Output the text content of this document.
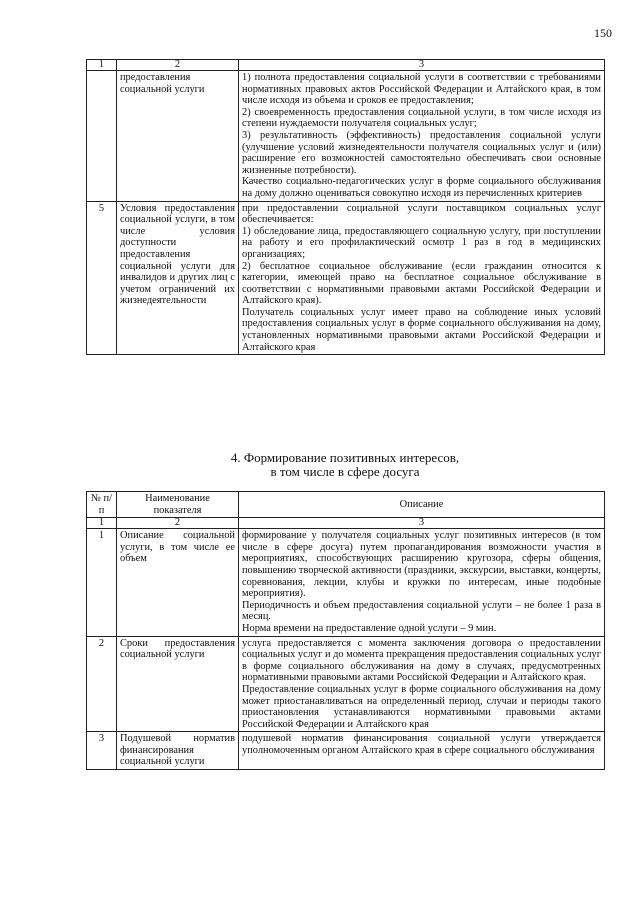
150
1	2	3
	предоставления социальной услуги	1) полнота предоставления социальной услуги в соответствии с требованиями нормативных правовых актов Российской Федерации и Алтайского края, в том числе исходя из объема и сроков ее предоставления;

2) своевременность предоставления социальной услуги, в том числе исходя из степени нуждаемости получателя социальных услуг;

3) результативность (эффективность) предоставления социальной услуги (улучшение условий жизнедеятельности получателя социальных услуг и (или) расширение его возможностей самостоятельно обеспечивать свои основные жизненные потребности).

Качество социально-педагогических услуг в форме социального обслуживания на дому должно оцениваться совокупно исходя из перечисленных критериев

5	Условия предоставления социальной услуги, в том числе условия доступности предоставления социальной услуги для инвалидов и других лиц с учетом ограничений их жизнедеятельности	при предоставлении социальной услуги поставщиком социальных услуг обеспечивается:

1) обследование лица, предоставляющего социальную услугу, при поступлении на работу и его профилактический осмотр 1 раз в год в медицинских организациях;

2) бесплатное социальное обслуживание (если гражданин относится к категории, имеющей право на бесплатное социальное обслуживание в соответствии с нормативными правовыми актами Российской Федерации и Алтайского края).

Получатель социальных услуг имеет право на соблюдение иных условий предоставления социальных услуг в форме социального обслуживания на дому, установленных нормативными правовыми актами Российской Федерации и Алтайского края

4. Формирование позитивных интересов,
в том числе в сфере досуга
№ п/п	Наименование показателя	Описание
1	2	3
1	Описание социальной услуги, в том числе ее объем	формирование у получателя социальных услуг позитивных интересов (в том числе в сфере досуга) путем пропагандирования возможности участия в мероприятиях, способствующих расширению кругозора, сферы общения, повышению творческой активности (праздники, экскурсии, выставки, концерты, соревнования, лекции, клубы и кружки по интересам, иные подобные мероприятия).

Периодичность и объем предоставления социальной услуги – не более 1 раза в месяц.

Норма времени на предоставление одной услуги – 9 мин.

2	Сроки предоставления социальной услуги	услуга предоставляется с момента заключения договора о предоставлении социальных услуг и до момента прекращения предоставления социальных услуг в форме социального обслуживания на дому в случаях, предусмотренных нормативными правовыми актами Российской Федерации и Алтайского края.

Предоставление социальных услуг в форме социального обслуживания на дому может приостанавливаться на определенный период, случаи и периоды такого приостановления устанавливаются нормативными правовыми актами Российской Федерации и Алтайского края

3	Подушевой норматив финансирования социальной услуги	подушевой норматив финансирования социальной услуги утверждается уполномоченным органом Алтайского края в сфере социального обслуживания
